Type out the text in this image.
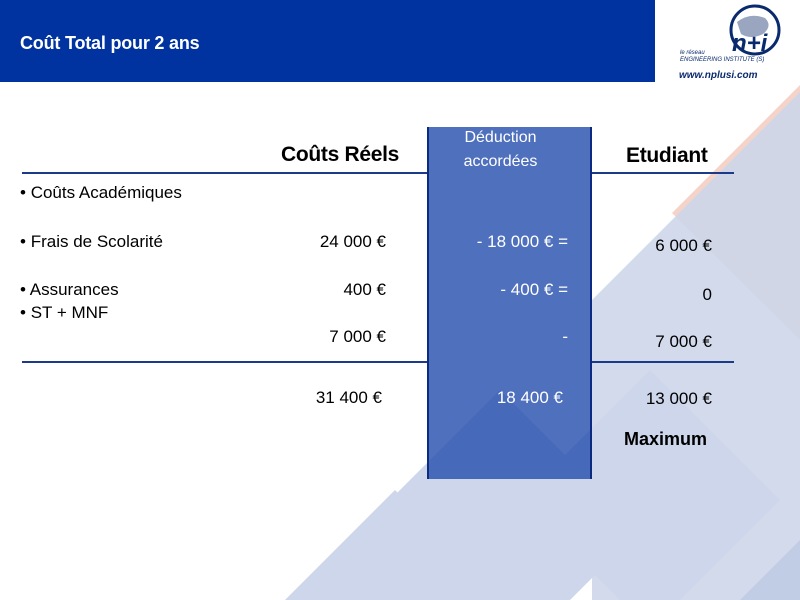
Coût Total pour 2 ans	n+i
le réseau
ENGINEERING INSTITUTE (S)
www.nplusi.com
Coûts Réels
Déduction
accordées	Etudiant
• Coûts Académiques
• Frais de Scolarité
• Assurances
• ST + MNF
24 000 €
400 €
7 000 €
31 400 €
- 18 000 € =
- 400 € =
-
18 400 €
6 000 €
0
7 000 €
13 000 €
Maximum
